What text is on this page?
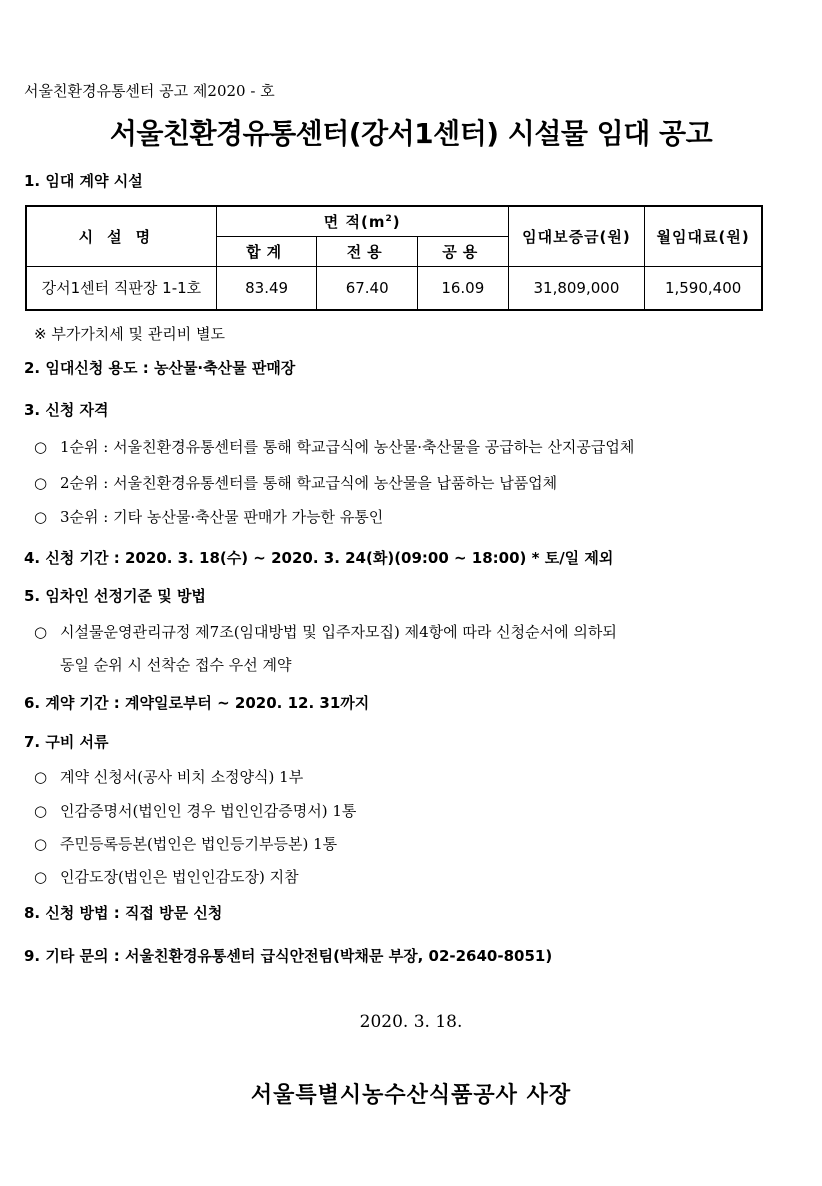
서울친환경유통센터 공고 제2020 - 호
서울친환경유통센터(강서1센터) 시설물 임대 공고
1. 임대 계약 시설
시설명	면 적$(m^2)$			임대보증금(원)	월임대료(원)
	합계	전용	공용		
강서1센터 직판장 1-1호	83.49	67.40	16.09	31,809,000	1,590,400
※ 부가가치세 및 관리비 별도
2. 임대신청 용도 : 농산물·축산물 판매장
3. 신청 자격
○ 1순위 : 서울친환경유통센터를 통해 학교급식에 농산물·축산물을 공급하는 산지공급업체
○ 2순위 : 서울친환경유통센터를 통해 학교급식에 농산물을 납품하는 납품업체
○ 3순위 : 기타 농산물·축산물 판매가 가능한 유통인
4. 신청 기간 : 2020. 3. 18(수) ~ 2020. 3. 24(화)(09:00 ~ 18:00) * 토/일 제외
5. 임차인 선정기준 및 방법
○ 시설물운영관리규정 제7조(임대방법 및 입주자모집) 제4항에 따라 신청순서에 의하되
동일 순위 시 선착순 접수 우선 계약
6. 계약 기간 : 계약일로부터 ~ 2020. 12. 31까지
7. 구비 서류
○ 계약 신청서(공사 비치 소정양식) 1부
○ 인감증명서(법인인 경우 법인인감증명서) 1통
○ 주민등록등본(법인은 법인등기부등본) 1통
○ 인감도장(법인은 법인인감도장) 지참
8. 신청 방법 : 직접 방문 신청
9. 기타 문의 : 서울친환경유통센터 급식안전팀(박채문 부장, 02-2640-8051)
2020. 3. 18.
서울특별시농수산식품공사 사장
